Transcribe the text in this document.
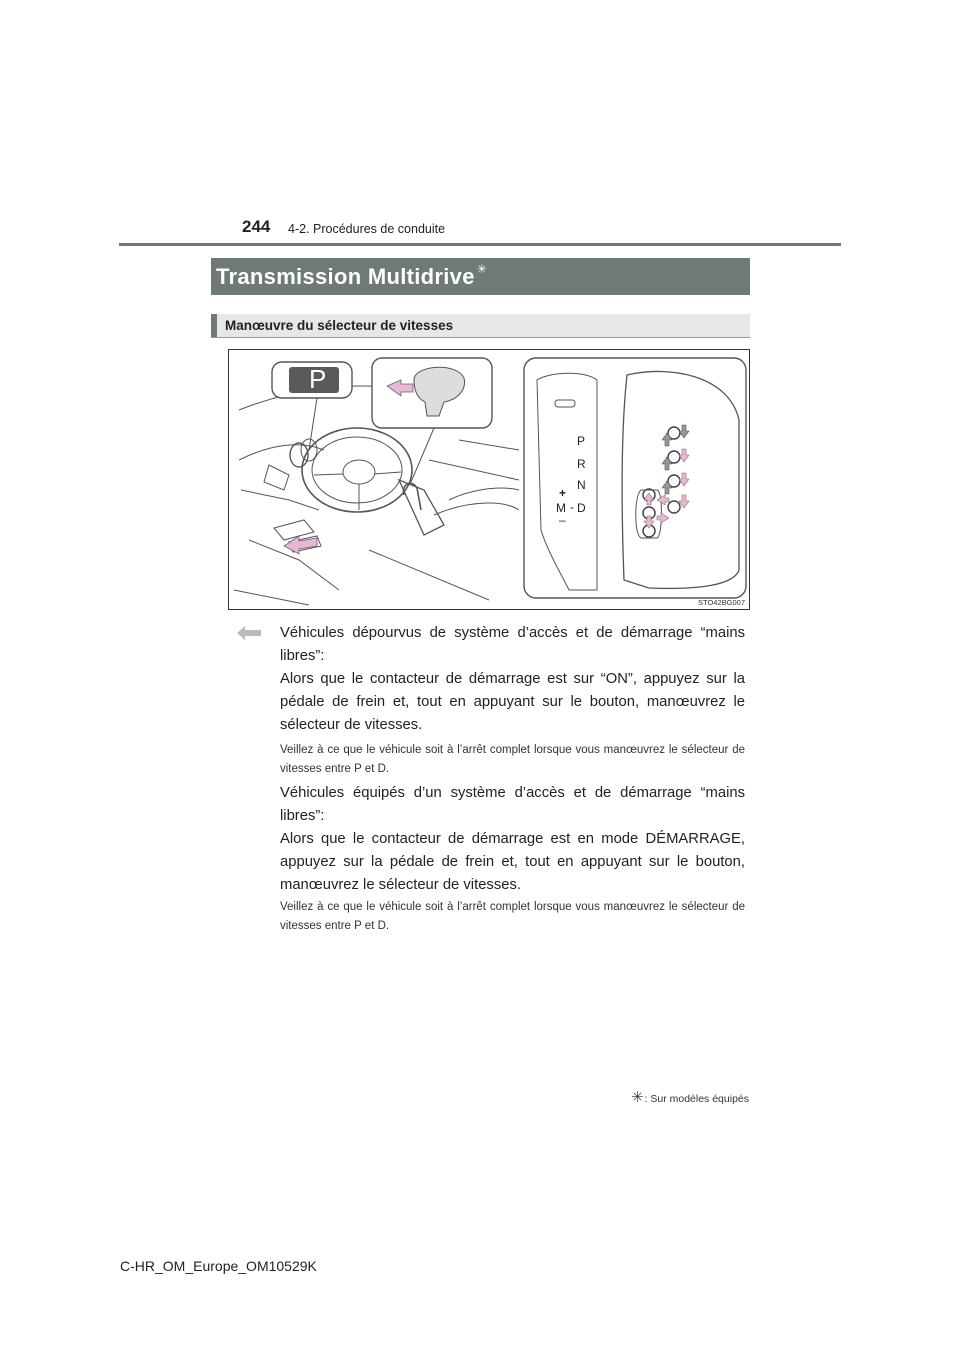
244 4-2. Procédures de conduite
Transmission Multidrive ✳
Manœuvre du sélecteur de vitesses
P
R
N
D
+
M -
–
P
STO42BG007
Véhicules dépourvus de système d’accès et de démarrage “mains libres”:
Alors que le contacteur de démarrage est sur “ON”, appuyez sur la pédale de frein et, tout en appuyant sur le bouton, manœuvrez le sélecteur de vitesses.
Veillez à ce que le véhicule soit à l’arrêt complet lorsque vous manœuvrez le sélecteur de vitesses entre P et D.
Véhicules équipés d’un système d’accès et de démarrage “mains libres”:
Alors que le contacteur de démarrage est en mode DÉMARRAGE, appuyez sur la pédale de frein et, tout en appuyant sur le bouton, manœuvrez le sélecteur de vitesses.
Veillez à ce que le véhicule soit à l’arrêt complet lorsque vous manœuvrez le sélecteur de vitesses entre P et D.
✳: Sur modèles équipés
C-HR_OM_Europe_OM10529K
